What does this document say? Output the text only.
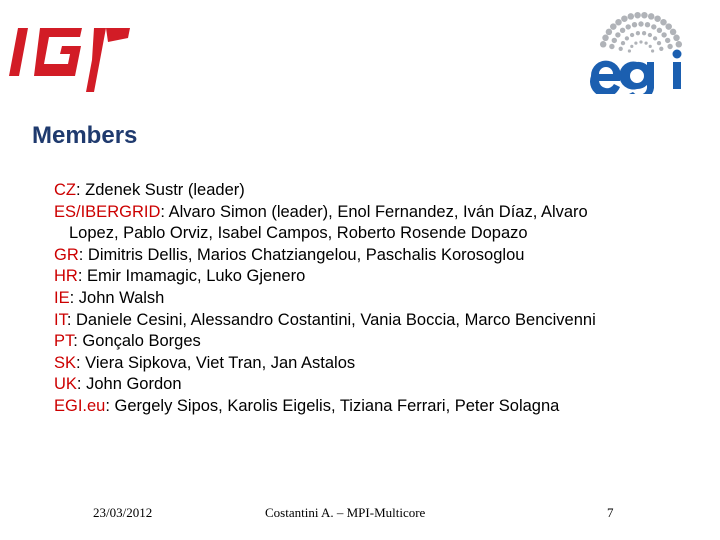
Members
CZ: Zdenek Sustr (leader)
ES/IBERGRID: Alvaro Simon (leader), Enol Fernandez, Iván Díaz, Alvaro
Lopez, Pablo Orviz, Isabel Campos, Roberto Rosende Dopazo
GR: Dimitris Dellis, Marios Chatziangelou, Paschalis Korosoglou
HR: Emir Imamagic, Luko Gjenero
IE: John Walsh
IT: Daniele Cesini, Alessandro Costantini, Vania Boccia, Marco Bencivenni
PT: Gonçalo Borges
SK: Viera Sipkova, Viet Tran, Jan Astalos
UK: John Gordon
EGI.eu: Gergely Sipos, Karolis Eigelis, Tiziana Ferrari, Peter Solagna
23/03/2012	Costantini A. – MPI-Multicore	7
